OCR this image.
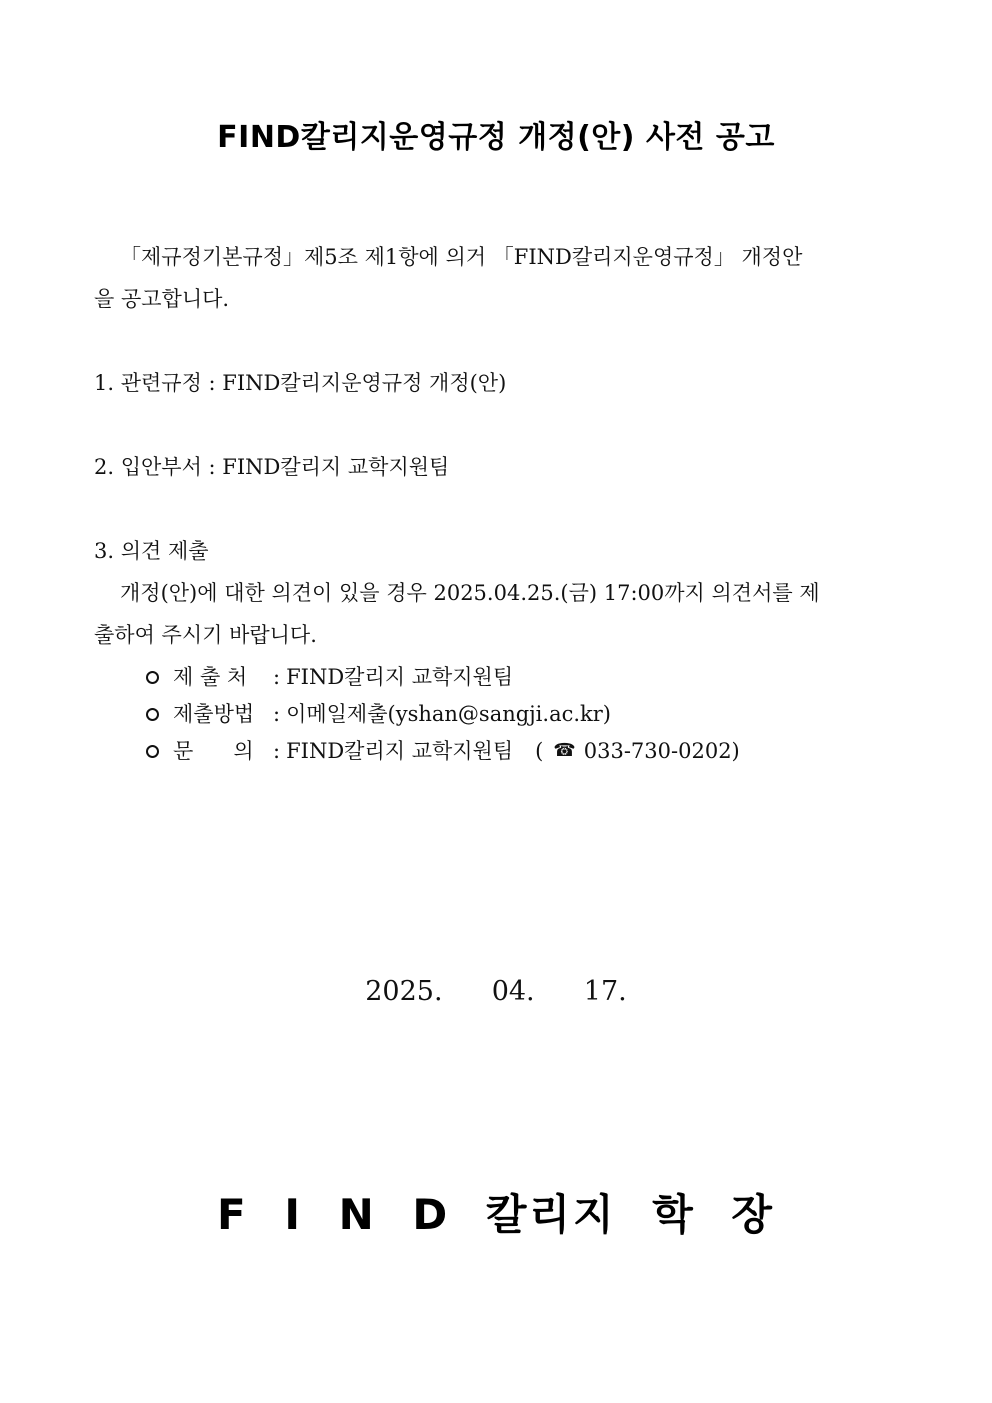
FIND칼리지운영규정 개정(안) 사전 공고
「제규정기본규정」제5조 제1항에 의거 「FIND칼리지운영규정」 개정안
을 공고합니다.
1. 관련규정 : FIND칼리지운영규정 개정(안)
2. 입안부서 : FIND칼리지 교학지원팀
3. 의견 제출
개정(안)에 대한 의견이 있을 경우 2025.04.25.(금) 17:00까지 의견서를 제
출하여 주시기 바랍니다.
제 출 처	: FIND칼리지 교학지원팀
제출방법 : 이메일제출(yshan@sangji.ac.kr)
문      의 : FIND칼리지 교학지원팀 ( ☎ 033-730-0202)
2025.  04.  17.
F I N D 칼리지 학 장
